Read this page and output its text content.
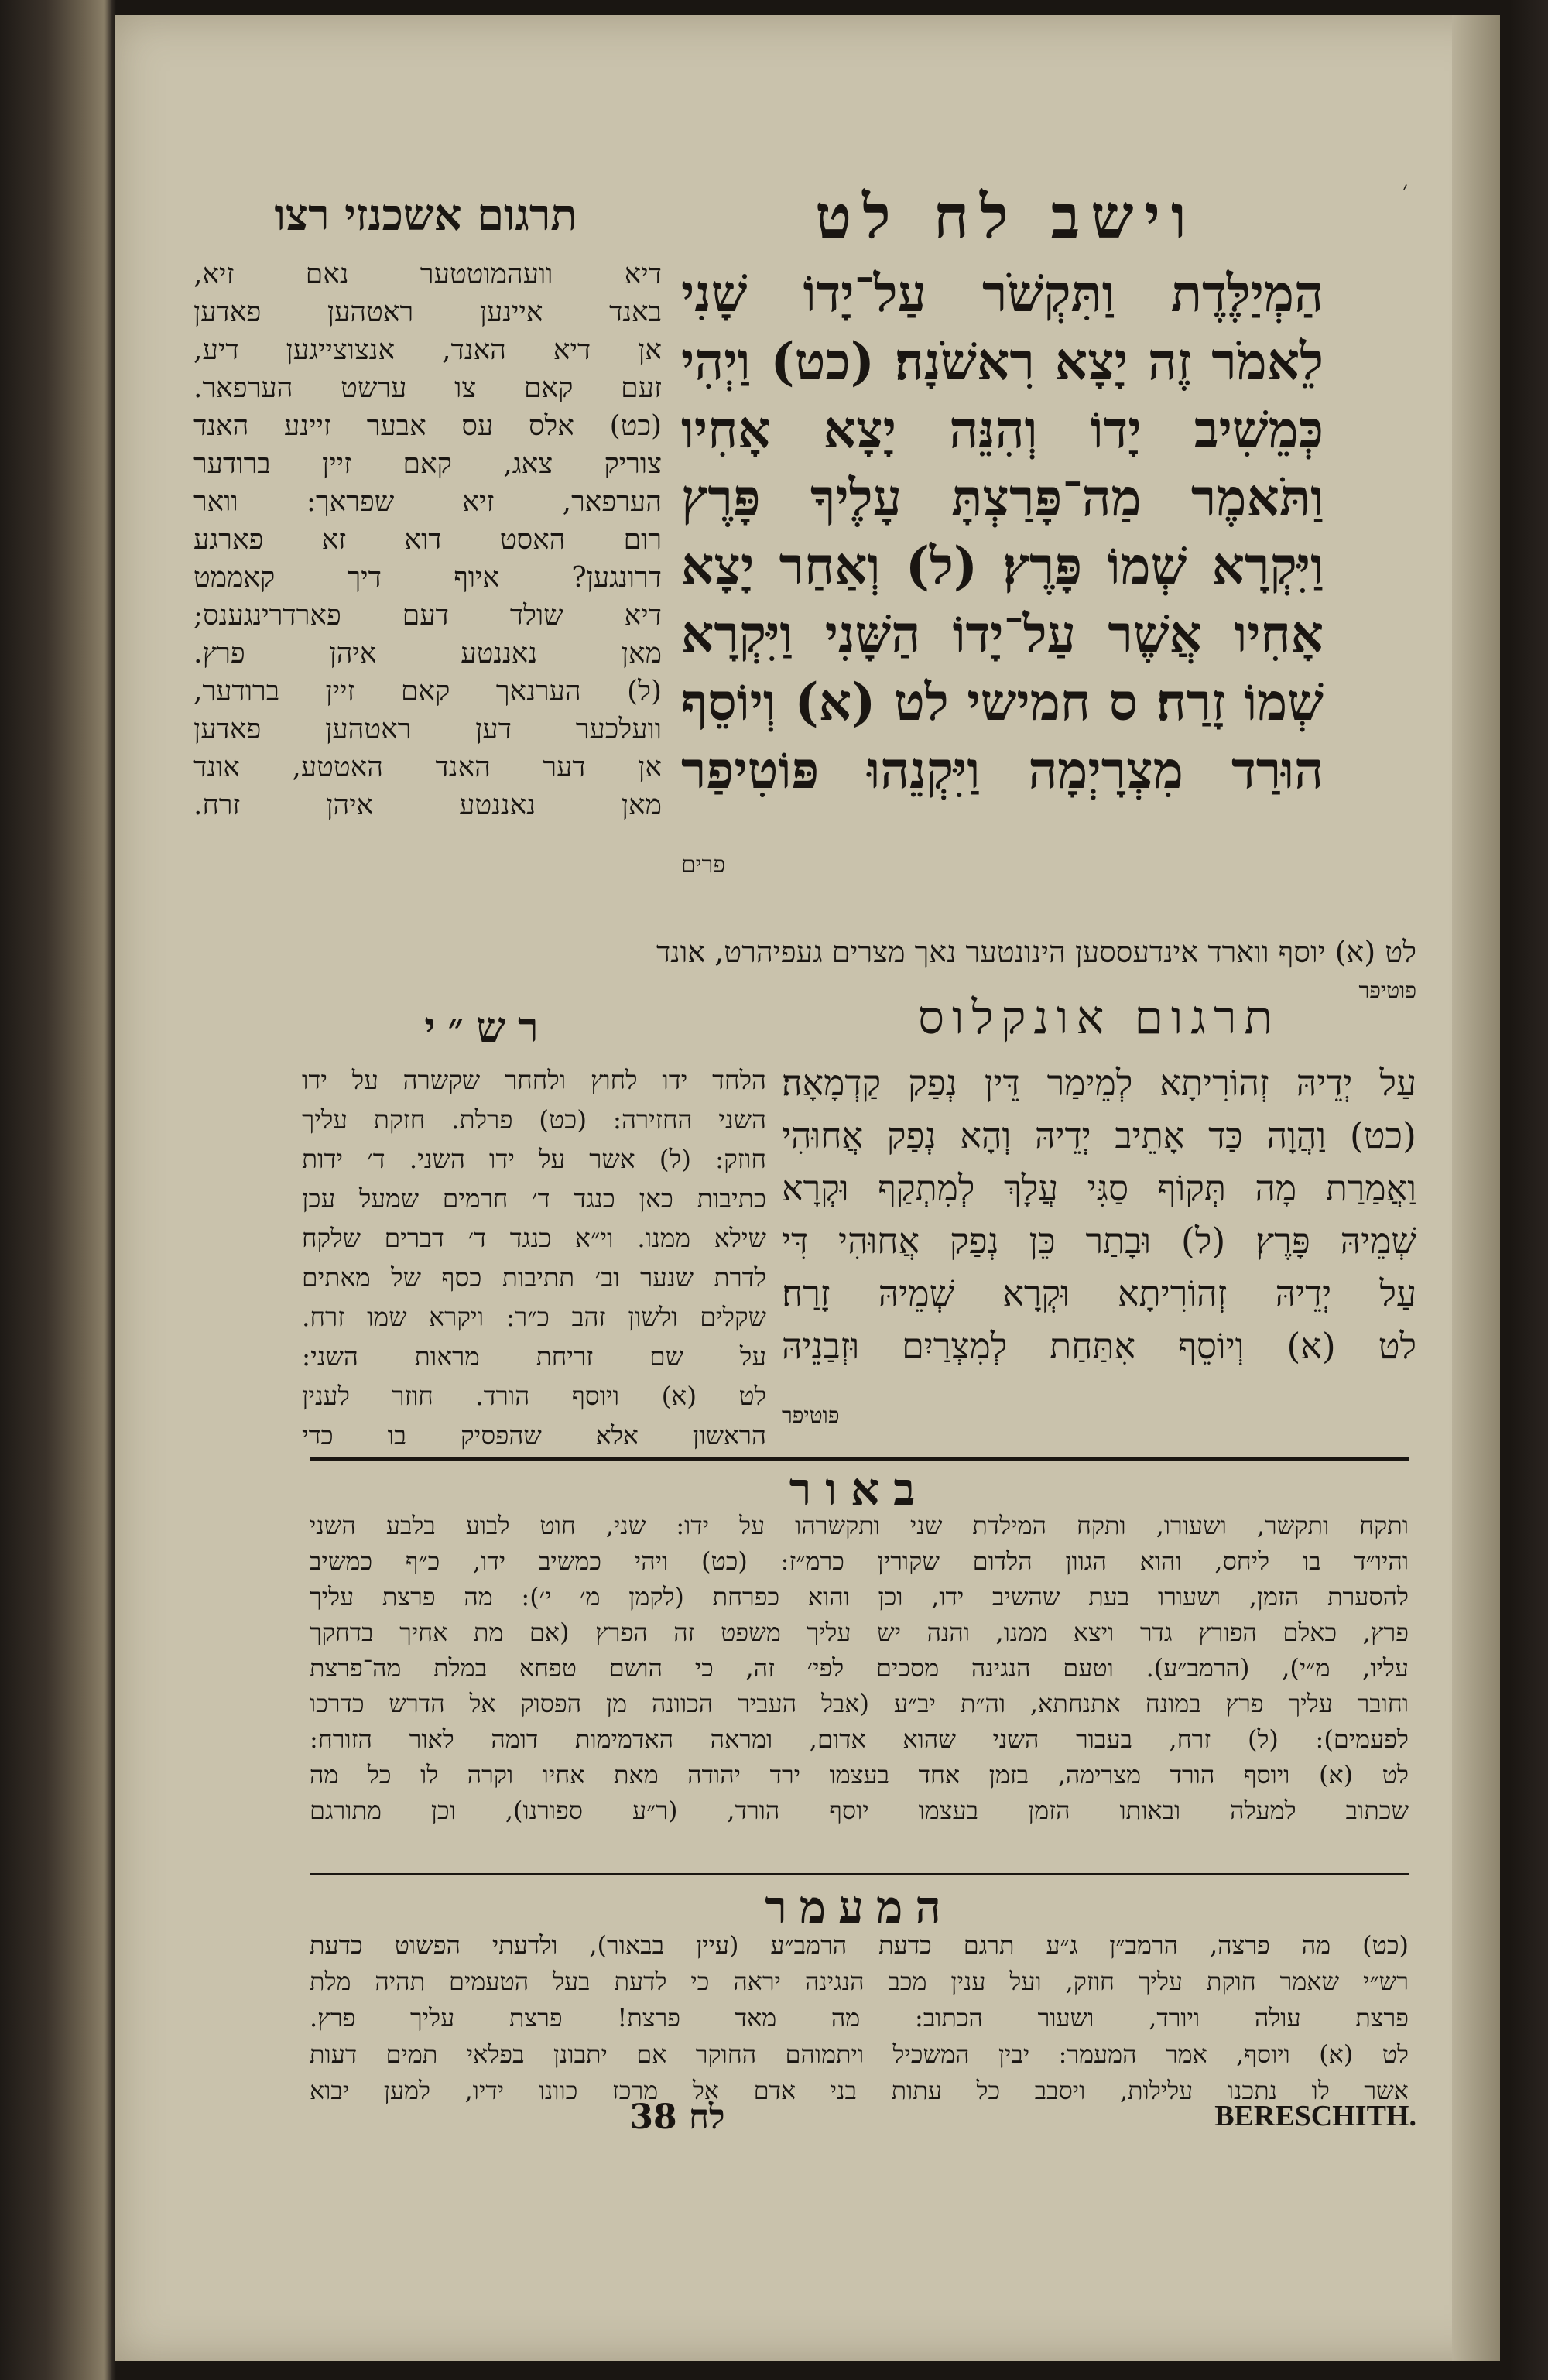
׳
וישב לח לט
תרגום אשכנזי רצו
הַמְיַלֶּדֶת וַתִּקְשֹׁר עַל־יָדוֹ שָׁנִי
לֵאמֹר זֶה יָצָא רִאשֹׁנָה׃ (כט) וַיְהִי
כְּמֵשִׁיב יָדוֹ וְהִנֵּה יָצָא אָחִיו
וַתֹּאמֶר מַה־פָּרַצְתָּ עָלֶיךָ פָּרֶץ
וַיִּקְרָא שְׁמוֹ פָּרֶץ׃ (ל) וְאַחַר יָצָא
אָחִיו אֲשֶׁר עַל־יָדוֹ הַשָּׁנִי וַיִּקְרָא
שְׁמוֹ זָרַח׃ ס חמישי לט (א) וְיוֹסֵף
הוּרַד מִצְרָיְמָה וַיִּקְנֵהוּ פּוֹטִיפַר
פרים
דיא וועהמוטטער נאם זיא,
באנד איינען ראטהען פאדען
אן דיא האנד, אנצוצייגען דיע,
זעם קאם צו ערשט הערפאר.
(כט) אלס עס אבער זיינע האנד
צוריק צאג, קאם זיין ברודער
הערפאר, זיא שפראך: וואר
רום האסט דוא זא פארגע
דרונגען? איוף דיך קאממט
דיא שולד דעם פארדרינגענס;
מאן נאננטע איהן פרץ.
(ל) הערנאך קאם זיין ברודער,
וועלכער דען ראטהען פאדען
אן דער האנד האטטע, אונד
מאן נאננטע איהן זרח.
לט (א) יוסף ווארד אינדעססען הינונטער נאך מצרים געפיהרט, אונד
פוטיפר
תרגום אונקלוס
עַל יְדֵיהּ זְהוֹרִיתָא לְמֵימַר דֵּין נְפַק קַדְמָאָה׃
(כט) וַהֲוָה כַּד אָתֵיב יְדֵיהּ וְהָא נְפַק אֲחוּהִי
וַאֲמַרַת מָה תְּקוֹף סַגִּי עֲלָךְ לְמִתְקַף וּקְרָא
שְׁמֵיהּ פָּרֶץ׃ (ל) וּבָתַר כֵּן נְפַק אֲחוּהִי דִּי
עַל יְדֵיהּ זְהוֹרִיתָא וּקְרָא שְׁמֵיהּ זָרַח׃
לט (א) וְיוֹסֵף אִתַּחַת לְמִצְרַיִם וּזְבַנֵיהּ
פוטיפר
רש״י
הלחד ידו לחוץ ולחחר שקשרה על ידו
השני החזירה: (כט) פרלת. חזקת עליך
חוזק: (ל) אשר על ידו השני. ד׳ ידות
כתיבות כאן כנגד ד׳ חרמים שמעל עכן
שילא ממנו. וי״א כנגד ד׳ דברים שלקח
לדרת שנער וב׳ תתיבות כסף של מאתים
שקלים ולשון זהב כ״ר: ויקרא שמו זרח.
על שם זריחת מראות השני:
לט (א) ויוסף הורד. חוזר לענין
הראשון אלא שהפסיק בו כדי
באור
ותקח ותקשר, ושעורו, ותקח המילדת שני ותקשרהו על ידו: שני, חוט לבוע בלבע השני
והיו״ד בו ליחס, והוא הגוון הלדום שקורין כרמ״ז: (כט) ויהי כמשיב ידו, כ״ף כמשיב
להסערת הזמן, ושעורו בעת שהשיב ידו, וכן והוא כפרחת (לקמן מ׳ י׳): מה פרצת עליך
פרץ, כאלם הפורץ גדר ויצא ממנו, והנה יש עליך משפט זה הפרץ (אם מת אחיך בדחקך
עליו, מ״י), (הרמב״ע). וטעם הנגינה מסכים לפי׳ זה, כי הושם טפחא במלת מה־פרצת
וחובר עליך פרץ במונח אתנחתא, וה״ת יב״ע (אבל העביר הכוונה מן הפסוק אל הדרש כדרכו
לפעמים): (ל) זרח, בעבור השני שהוא אדום, ומראה האדמימות דומה לאור הזורח:
לט (א) ויוסף הורד מצרימה, בזמן אחד בעצמו ירד יהודה מאת אחיו וקרה לו כל מה
שכתוב למעלה ובאותו הזמן בעצמו יוסף הורד, (ר״ע ספורנו), וכן מתורגם
המעמר
(כט) מה פרצה, הרמב״ן ג״ע תרגם כדעת הרמב״ע (עיין בבאור), ולדעתי הפשוט כדעת
רש״י שאמר חוקת עליך חוזק, ועל ענין מכב הנגינה יראה כי לדעת בעל הטעמים תהיה מלת
פרצת עולה ויורד, ושעור הכתוב: מה מאד פרצת! פרצת עליך פרץ.
לט (א) ויוסף, אמר המעמר: יבין המשכיל ויתמוהם החוקר אם יתבונן בפלאי תמים דעות
אשר לו נתכנו עלילות, ויסבב כל עתות בני אדם אל מרכז כוונו ידיו, למען יבוא
38 לח	BERESCHITH.
